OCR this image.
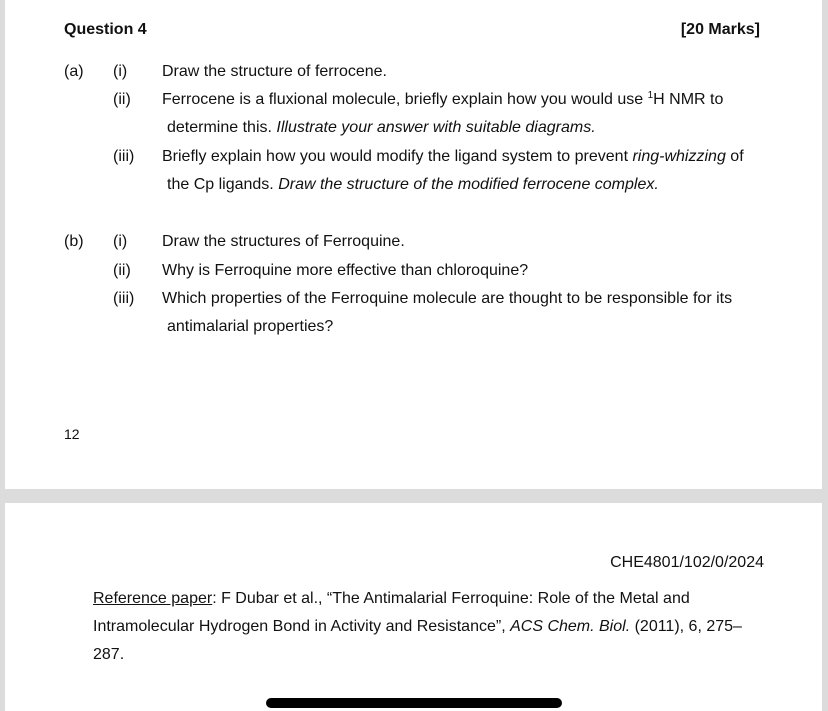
Question 4	[20 Marks]
(a) (i) Draw the structure of ferrocene.
(ii) Ferrocene is a fluxional molecule, briefly explain how you would use $^1$H NMR to
determine this. Illustrate your answer with suitable diagrams.
(iii) Briefly explain how you would modify the ligand system to prevent ring-whizzing of
the Cp ligands. Draw the structure of the modified ferrocene complex.
(b) (i) Draw the structures of Ferroquine.
(ii) Why is Ferroquine more effective than chloroquine?
(iii) Which properties of the Ferroquine molecule are thought to be responsible for its
antimalarial properties?
12
CHE4801/102/0/2024
Reference paper: F Dubar et al., “The Antimalarial Ferroquine: Role of the Metal and
Intramolecular Hydrogen Bond in Activity and Resistance”, ACS Chem. Biol. (2011), 6, 275–
287.
